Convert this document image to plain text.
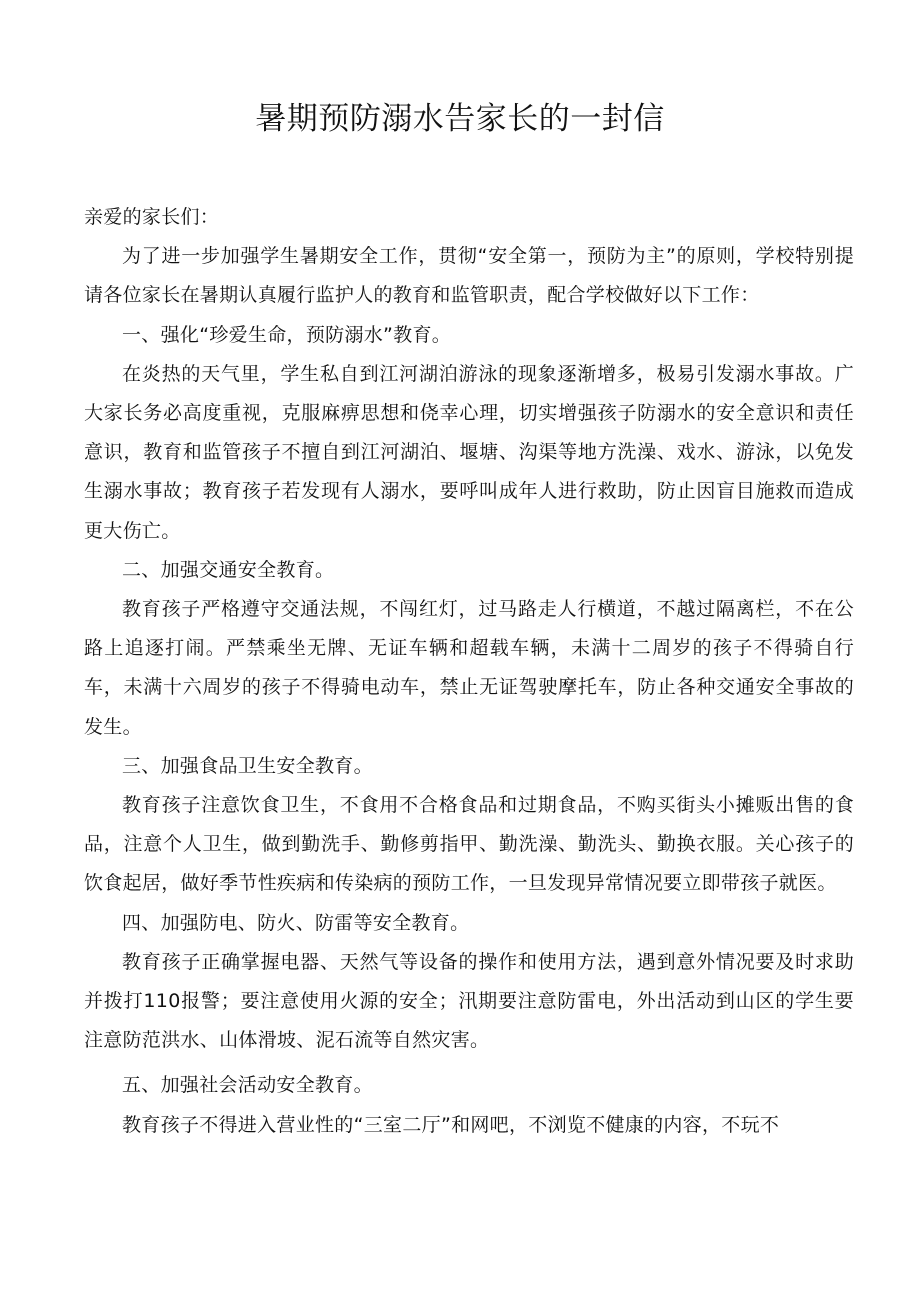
暑期预防溺水告家长的一封信

亲爱的家长们：

为了进一步加强学生暑期安全工作，贯彻“安全第一，预防为主”的原则，学校特别提请各位家长在暑期认真履行监护人的教育和监管职责，配合学校做好以下工作：

一、强化“珍爱生命，预防溺水”教育。

在炎热的天气里，学生私自到江河湖泊游泳的现象逐渐增多，极易引发溺水事故。广大家长务必高度重视，克服麻痹思想和侥幸心理，切实增强孩子防溺水的安全意识和责任意识，教育和监管孩子不擅自到江河湖泊、堰塘、沟渠等地方洗澡、戏水、游泳，以免发生溺水事故；教育孩子若发现有人溺水，要呼叫成年人进行救助，防止因盲目施救而造成更大伤亡。

二、加强交通安全教育。

教育孩子严格遵守交通法规，不闯红灯，过马路走人行横道，不越过隔离栏，不在公路上追逐打闹。严禁乘坐无牌、无证车辆和超载车辆，未满十二周岁的孩子不得骑自行车，未满十六周岁的孩子不得骑电动车，禁止无证驾驶摩托车，防止各种交通安全事故的发生。

三、加强食品卫生安全教育。

教育孩子注意饮食卫生，不食用不合格食品和过期食品，不购买街头小摊贩出售的食品，注意个人卫生，做到勤洗手、勤修剪指甲、勤洗澡、勤洗头、勤换衣服。关心孩子的饮食起居，做好季节性疾病和传染病的预防工作，一旦发现异常情况要立即带孩子就医。

四、加强防电、防火、防雷等安全教育。

教育孩子正确掌握电器、天然气等设备的操作和使用方法，遇到意外情况要及时求助并拨打110报警；要注意使用火源的安全；汛期要注意防雷电，外出活动到山区的学生要注意防范洪水、山体滑坡、泥石流等自然灾害。

五、加强社会活动安全教育。

教育孩子不得进入营业性的“三室二厅”和网吧，不浏览不健康的内容，不玩不
